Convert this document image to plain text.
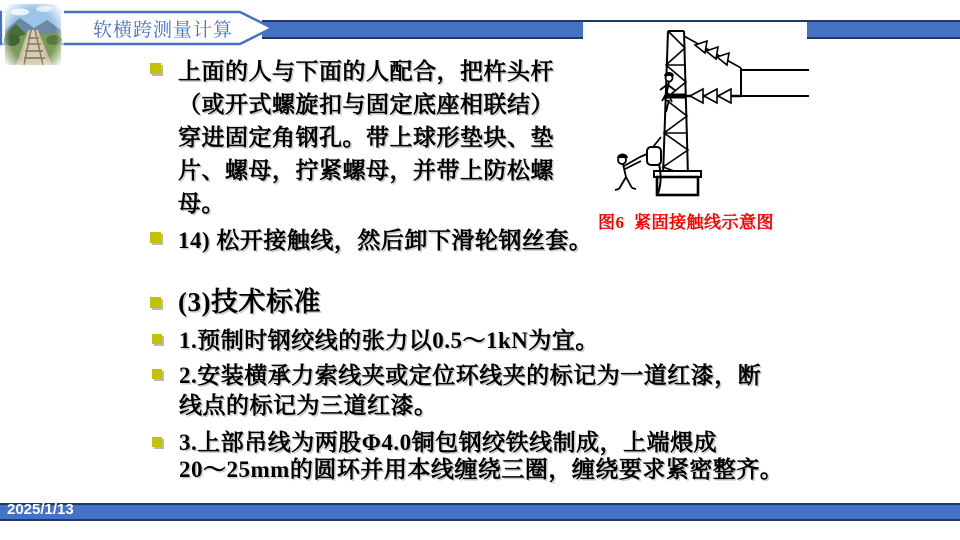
软横跨测量计算
图6  紧固接触线示意图
上面的人与下面的人配合，把杵头杆
（或开式螺旋扣与固定底座相联结）
穿进固定角钢孔。带上球形垫块、垫
片、螺母，拧紧螺母，并带上防松螺
母。
14) 松开接触线，然后卸下滑轮钢丝套。
(3)技术标准
1.预制时钢绞线的张力以0.5～1kN为宜。
2.安装横承力索线夹或定位环线夹的标记为一道红漆，断
线点的标记为三道红漆。
3.上部吊线为两股Φ4.0铜包钢绞铁线制成，上端煨成
20～25mm的圆环并用本线缠绕三圈，缠绕要求紧密整齐。
2025/1/13
